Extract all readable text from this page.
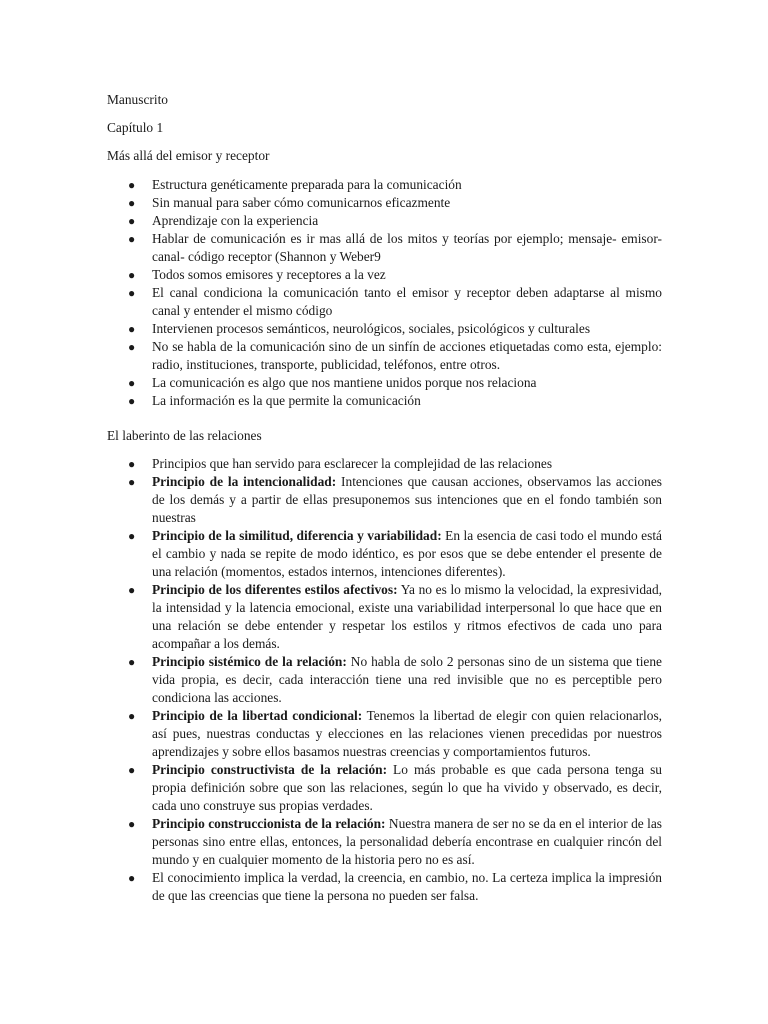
Manuscrito
Capítulo 1
Más allá del emisor y receptor
● Estructura genéticamente preparada para la comunicación
● Sin manual para saber cómo comunicarnos eficazmente
● Aprendizaje con la experiencia
● Hablar de comunicación es ir mas allá de los mitos y teorías por ejemplo; mensaje- emisor- canal- código receptor (Shannon y Weber9
● Todos somos emisores y receptores a la vez
● El canal condiciona la comunicación tanto el emisor y receptor deben adaptarse al mismo canal y entender el mismo código
● Intervienen procesos semánticos, neurológicos, sociales, psicológicos y culturales
● No se habla de la comunicación sino de un sinfín de acciones etiquetadas como esta, ejemplo: radio, instituciones, transporte, publicidad, teléfonos, entre otros.
● La comunicación es algo que nos mantiene unidos porque nos relaciona
● La información es la que permite la comunicación
El laberinto de las relaciones
● Principios que han servido para esclarecer la complejidad de las relaciones
● Principio de la intencionalidad: Intenciones que causan acciones, observamos las acciones de los demás y a partir de ellas presuponemos sus intenciones que en el fondo también son nuestras
● Principio de la similitud, diferencia y variabilidad: En la esencia de casi todo el mundo está el cambio y nada se repite de modo idéntico, es por esos que se debe entender el presente de una relación (momentos, estados internos, intenciones diferentes).
● Principio de los diferentes estilos afectivos: Ya no es lo mismo la velocidad, la expresividad, la intensidad y la latencia emocional, existe una variabilidad interpersonal lo que hace que en una relación se debe entender y respetar los estilos y ritmos efectivos de cada uno para acompañar a los demás.
● Principio sistémico de la relación: No habla de solo 2 personas sino de un sistema que tiene vida propia, es decir, cada interacción tiene una red invisible que no es perceptible pero condiciona las acciones.
● Principio de la libertad condicional: Tenemos la libertad de elegir con quien relacionarlos, así pues, nuestras conductas y elecciones en las relaciones vienen precedidas por nuestros aprendizajes y sobre ellos basamos nuestras creencias y comportamientos futuros.
● Principio constructivista de la relación: Lo más probable es que cada persona tenga su propia definición sobre que son las relaciones, según lo que ha vivido y observado, es decir, cada uno construye sus propias verdades.
● Principio construccionista de la relación: Nuestra manera de ser no se da en el interior de las personas sino entre ellas, entonces, la personalidad debería encontrase en cualquier rincón del mundo y en cualquier momento de la historia pero no es así.
● El conocimiento implica la verdad, la creencia, en cambio, no. La certeza implica la impresión de que las creencias que tiene la persona no pueden ser falsa.
